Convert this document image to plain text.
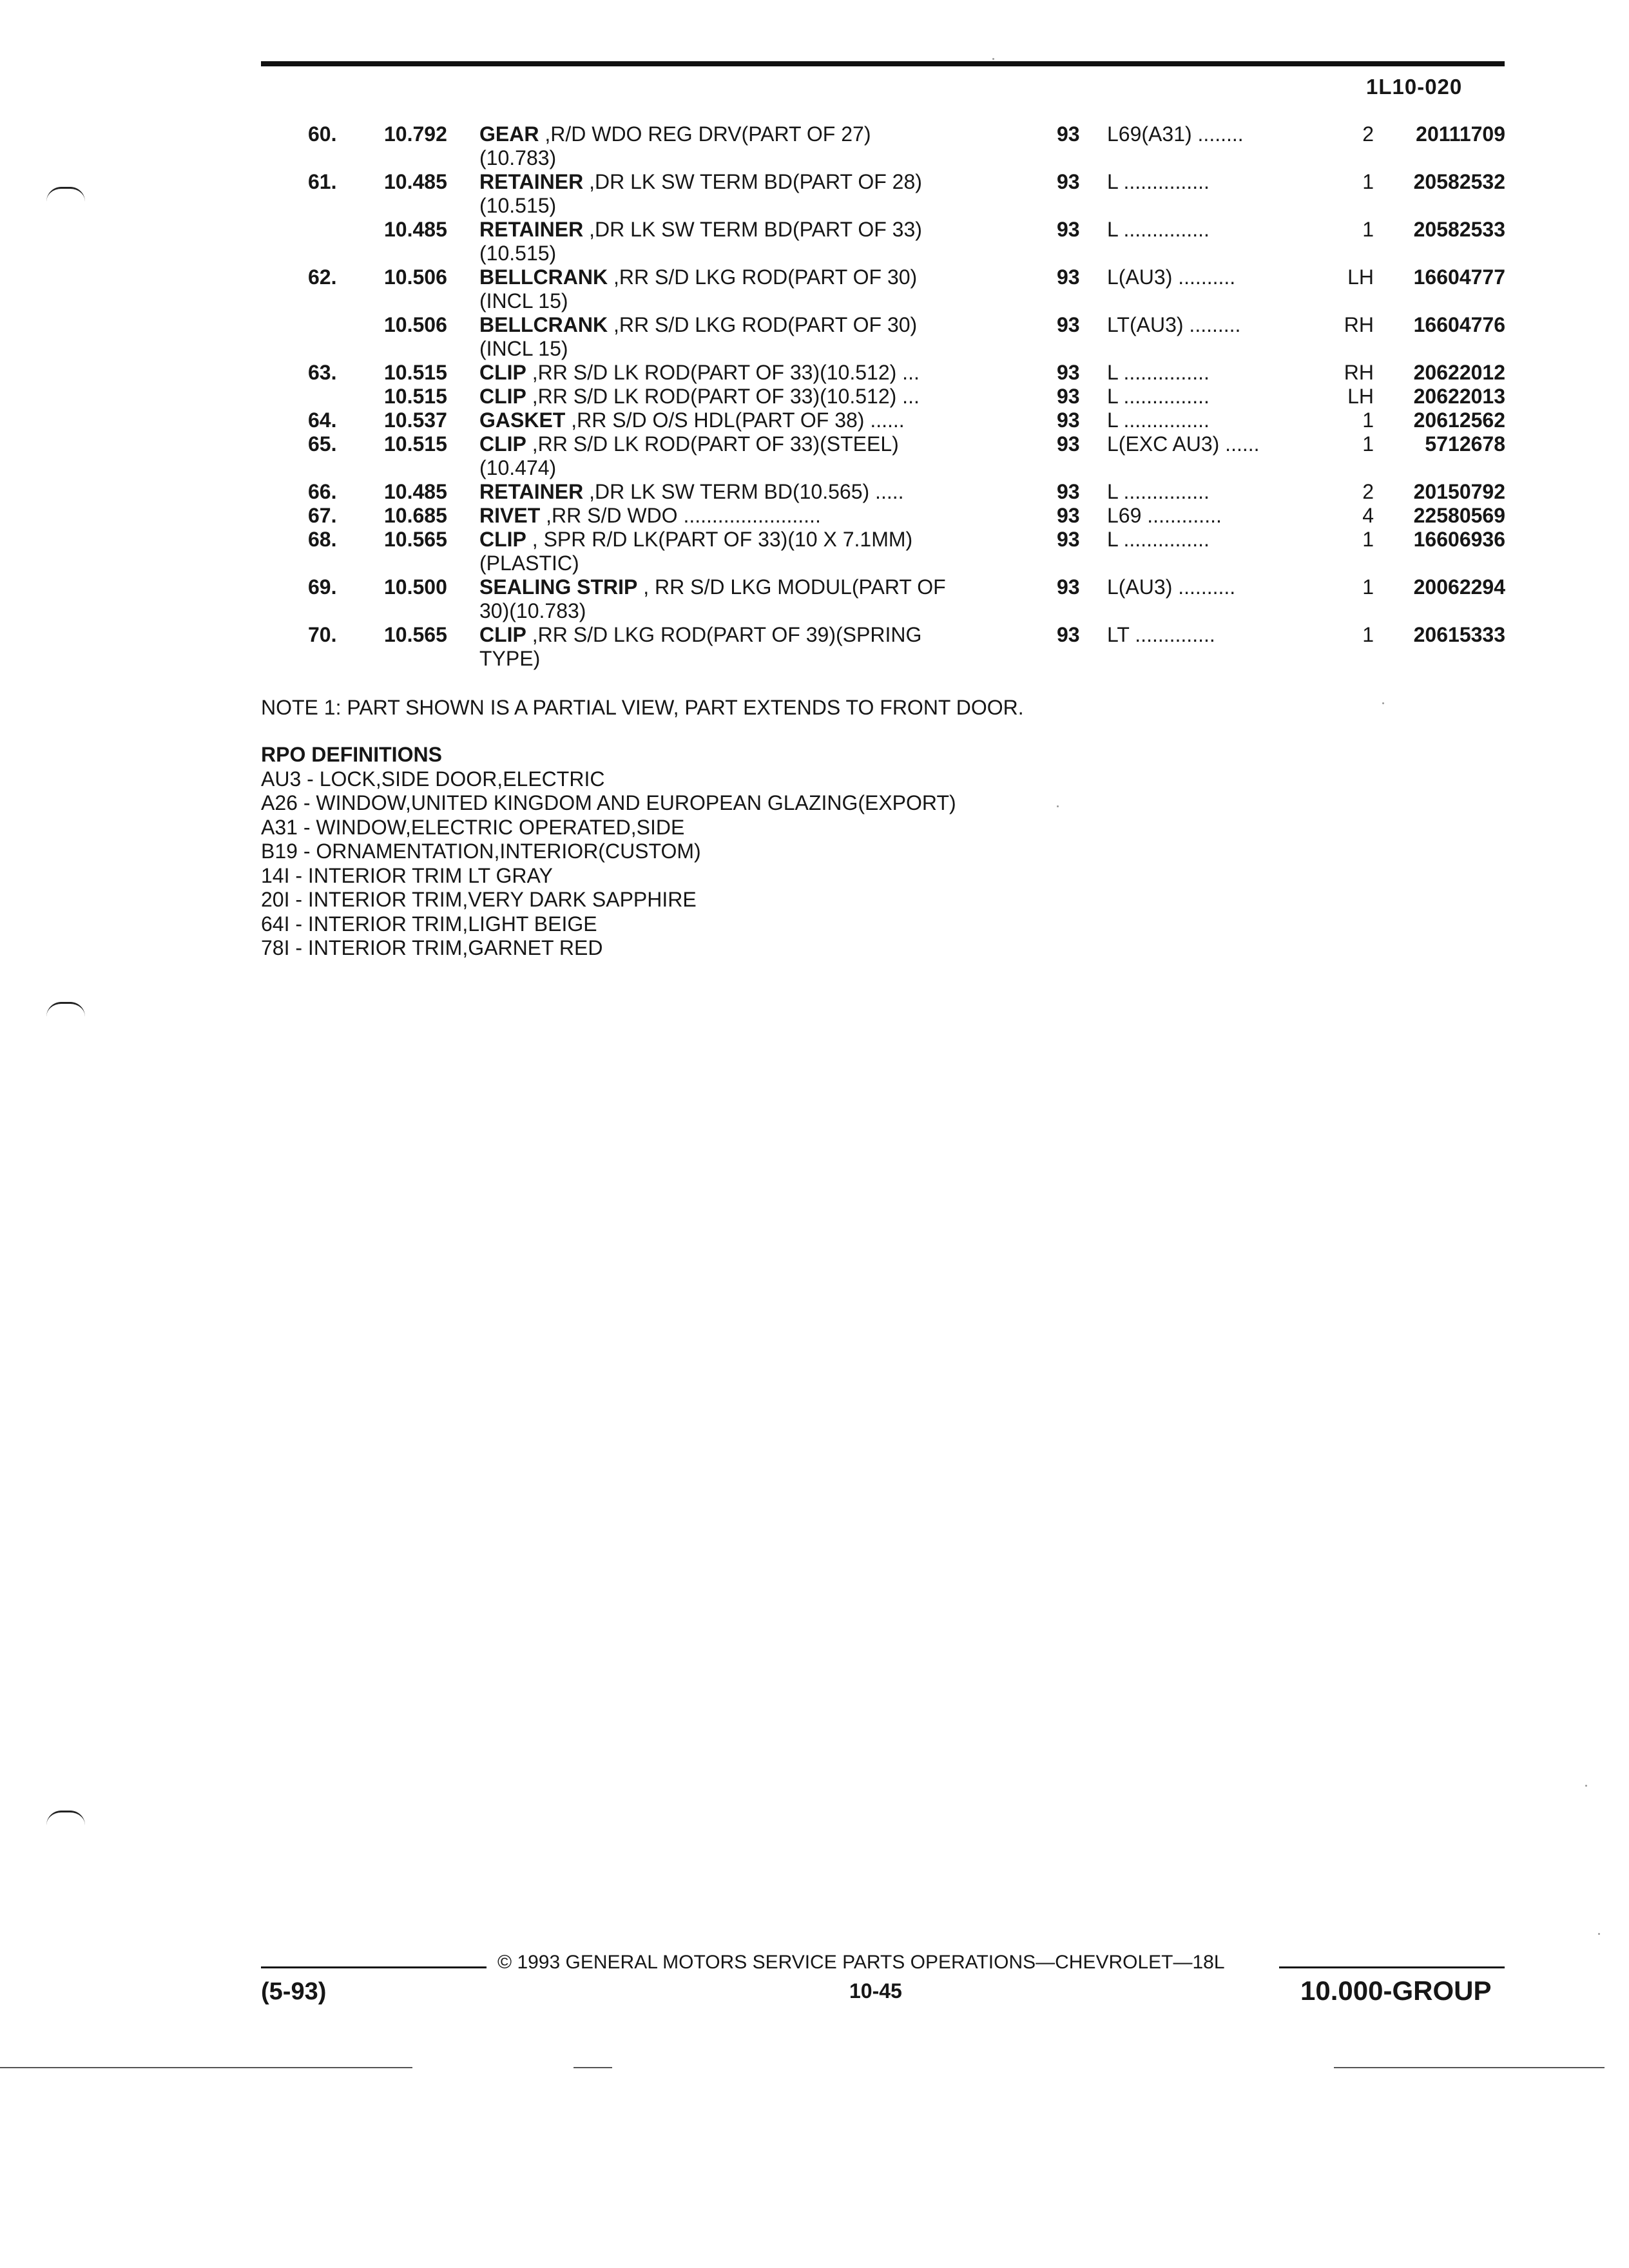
1L10-020
60. 10.792 GEAR ,R/D WDO REG DRV(PART OF 27)
(10.783)
93 L69(A31) ........	2	20111709
61. 10.485 RETAINER ,DR LK SW TERM BD(PART OF 28)
(10.515)
93 L ...............	1	20582532
10.485 RETAINER ,DR LK SW TERM BD(PART OF 33)
(10.515)
93 L ...............	1	20582533
62. 10.506 BELLCRANK ,RR S/D LKG ROD(PART OF 30)
(INCL 15)
93 L(AU3) ..........	LH	16604777
10.506 BELLCRANK ,RR S/D LKG ROD(PART OF 30)
(INCL 15)
93 LT(AU3) .........	RH	16604776
63. 10.515 CLIP ,RR S/D LK ROD(PART OF 33)(10.512) ...	93 L ...............	RH	20622012
10.515 CLIP ,RR S/D LK ROD(PART OF 33)(10.512) ...	93 L ...............	LH	20622013
64. 10.537 GASKET ,RR S/D O/S HDL(PART OF 38) ......	93 L ...............	1	20612562
65. 10.515 CLIP ,RR S/D LK ROD(PART OF 33)(STEEL)
(10.474)
93 L(EXC AU3) ......	1	5712678
66. 10.485 RETAINER ,DR LK SW TERM BD(10.565) .....	93 L ...............	2	20150792
67. 10.685 RIVET ,RR S/D WDO ........................	93 L69 .............	4	22580569
68. 10.565 CLIP , SPR R/D LK(PART OF 33)(10 X 7.1MM)
(PLASTIC)
93 L ...............	1	16606936
69. 10.500 SEALING STRIP , RR S/D LKG MODUL(PART OF
30)(10.783)
93 L(AU3) ..........	1	20062294
70. 10.565 CLIP ,RR S/D LKG ROD(PART OF 39)(SPRING
TYPE)
93 LT ..............	1	20615333
NOTE 1: PART SHOWN IS A PARTIAL VIEW, PART EXTENDS TO FRONT DOOR.
RPO DEFINITIONS
AU3 - LOCK,SIDE DOOR,ELECTRIC
A26 - WINDOW,UNITED KINGDOM AND EUROPEAN GLAZING(EXPORT)
A31 - WINDOW,ELECTRIC OPERATED,SIDE
B19 - ORNAMENTATION,INTERIOR(CUSTOM)
14I - INTERIOR TRIM LT GRAY
20I - INTERIOR TRIM,VERY DARK SAPPHIRE
64I - INTERIOR TRIM,LIGHT BEIGE
78I - INTERIOR TRIM,GARNET RED
© 1993 GENERAL MOTORS SERVICE PARTS OPERATIONS—CHEVROLET—18L
(5-93)	10-45	10.000-GROUP
